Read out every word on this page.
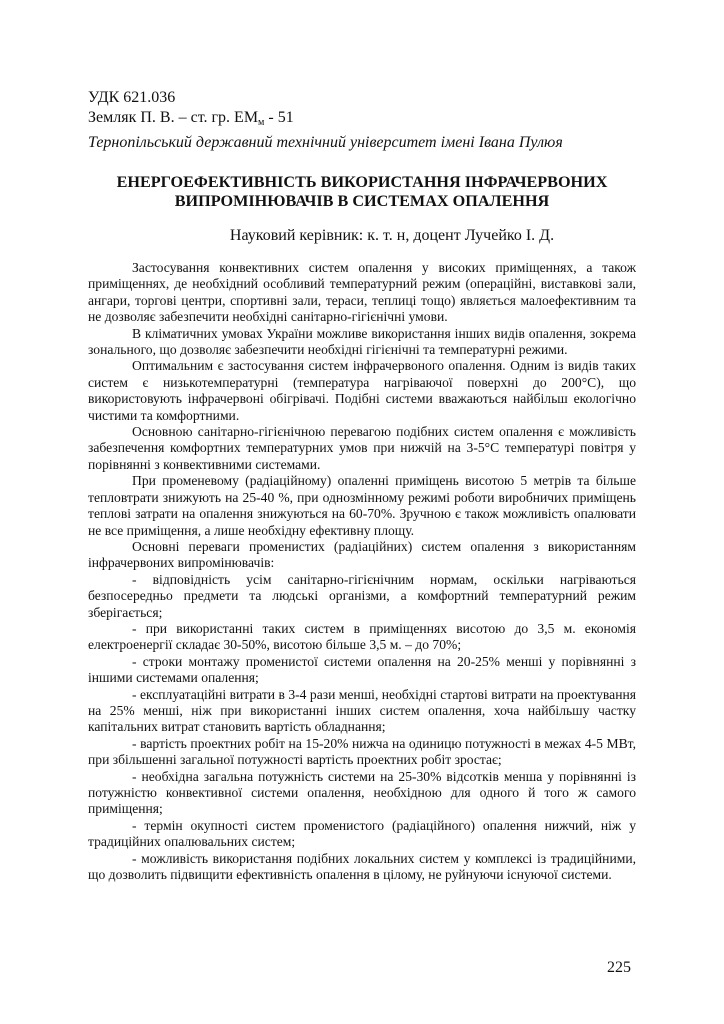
УДК 621.036
Земляк П. В. – ст. гр. $ЕМ_м - 51$
Тернопільський державний технічний університет імені Івана Пулюя
ЕНЕРГОЕФЕКТИВНІСТЬ ВИКОРИСТАННЯ ІНФРАЧЕРВОНИХ
ВИПРОМІНЮВАЧІВ В СИСТЕМАХ ОПАЛЕННЯ
Науковий керівник: к. т. н, доцент Лучейко І. Д.

Застосування конвективних систем опалення у високих приміщеннях, а також приміщеннях, де необхідний особливий температурний режим (операційні, виставкові зали, ангари, торгові центри, спортивні зали, тераси, теплиці тощо) являється малоефективним та не дозволяє забезпечити необхідні санітарно-гігієнічні умови.

В кліматичних умовах України можливе використання інших видів опалення, зокрема зонального, що дозволяє забезпечити необхідні гігієнічні та температурні режими.

Оптимальним є застосування систем інфрачервоного опалення. Одним із видів таких систем є низькотемпературні (температура нагріваючої поверхні до 200°С), що використовують інфрачервоні обігрівачі. Подібні системи вважаються найбільш екологічно чистими та комфортними.

Основною санітарно-гігієнічною перевагою подібних систем опалення є можливість забезпечення комфортних температурних умов при нижчій на 3-5°С температурі повітря у порівнянні з конвективними системами.

При променевому (радіаційному) опаленні приміщень висотою 5 метрів та більше тепловтрати знижують на 25-40 %, при однозмінному режимі роботи виробничих приміщень теплові затрати на опалення знижуються на 60-70%. Зручною є також можливість опалювати не все приміщення, а лише необхідну ефективну площу.

Основні переваги променистих (радіаційних) систем опалення з використанням інфрачервоних випромінювачів:

- відповідність усім санітарно-гігієнічним нормам, оскільки нагріваються безпосередньо предмети та людські організми, а комфортний температурний режим зберігається;

- при використанні таких систем в приміщеннях висотою до 3,5 м. економія електроенергії складає 30-50%, висотою більше 3,5 м. – до 70%;

- строки монтажу променистої системи опалення на 20-25% менші у порівнянні з іншими системами опалення;

- експлуатаційні витрати в 3-4 рази менші, необхідні стартові витрати на проектування на 25% менші, ніж при використанні інших систем опалення, хоча найбільшу частку капітальних витрат становить вартість обладнання;

- вартість проектних робіт на 15-20% нижча на одиницю потужності в межах 4-5 МВт, при збільшенні загальної потужності вартість проектних робіт зростає;

- необхідна загальна потужність системи на 25-30% відсотків менша у порівнянні із потужністю конвективної системи опалення, необхідною для одного й того ж самого приміщення;

- термін окупності систем променистого (радіаційного) опалення нижчий, ніж у традиційних опалювальних систем;

- можливість використання подібних локальних систем у комплексі із традиційними, що дозволить підвищити ефективність опалення в цілому, не руйнуючи існуючої системи.

225
